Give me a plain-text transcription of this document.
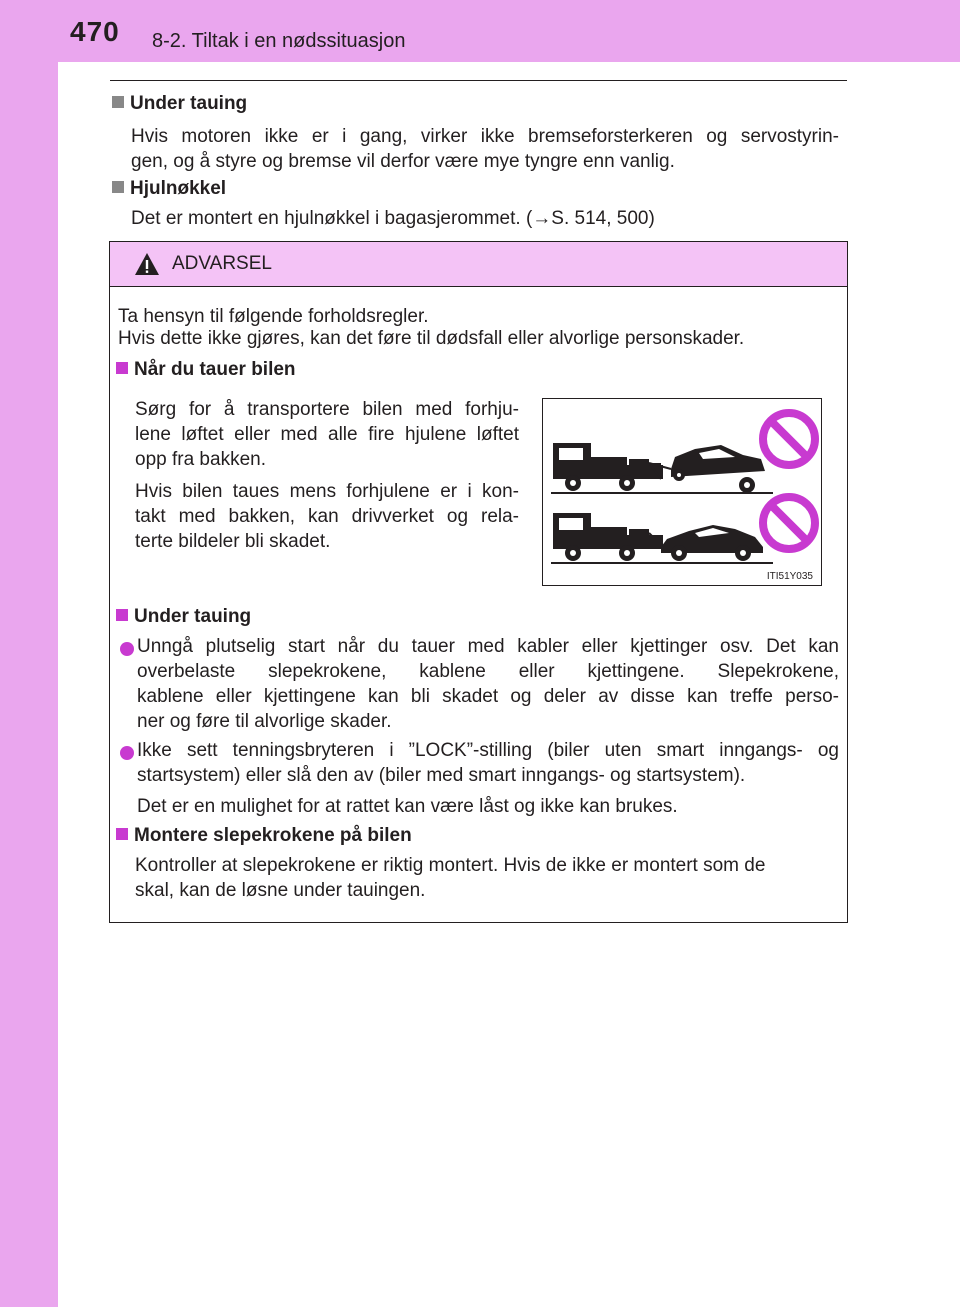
470 8-2. Tiltak i en nødssituasjon
Under tauing
Hvis motoren ikke er i gang, virker ikke bremseforsterkeren og servostyrin-
gen, og å styre og bremse vil derfor være mye tyngre enn vanlig.
Hjulnøkkel
Det er montert en hjulnøkkel i bagasjerommet. (→S. 514, 500)
ADVARSEL
Ta hensyn til følgende forholdsregler.
Hvis dette ikke gjøres, kan det føre til dødsfall eller alvorlige personskader.
Når du tauer bilen
Sørg for å transportere bilen med forhju-
lene løftet eller med alle fire hjulene løftet
opp fra bakken.
Hvis bilen taues mens forhjulene er i kon-
takt med bakken, kan drivverket og rela-
terte bildeler bli skadet.
ITI51Y035
Under tauing
Unngå plutselig start når du tauer med kabler eller kjettinger osv. Det kan
overbelaste slepekrokene, kablene eller kjettingene. Slepekrokene,
kablene eller kjettingene kan bli skadet og deler av disse kan treffe perso-
ner og føre til alvorlige skader.
Ikke sett tenningsbryteren i ”LOCK”-stilling (biler uten smart inngangs- og
startsystem) eller slå den av (biler med smart inngangs- og startsystem).
Det er en mulighet for at rattet kan være låst og ikke kan brukes.
Montere slepekrokene på bilen
Kontroller at slepekrokene er riktig montert. Hvis de ikke er montert som de
skal, kan de løsne under tauingen.
